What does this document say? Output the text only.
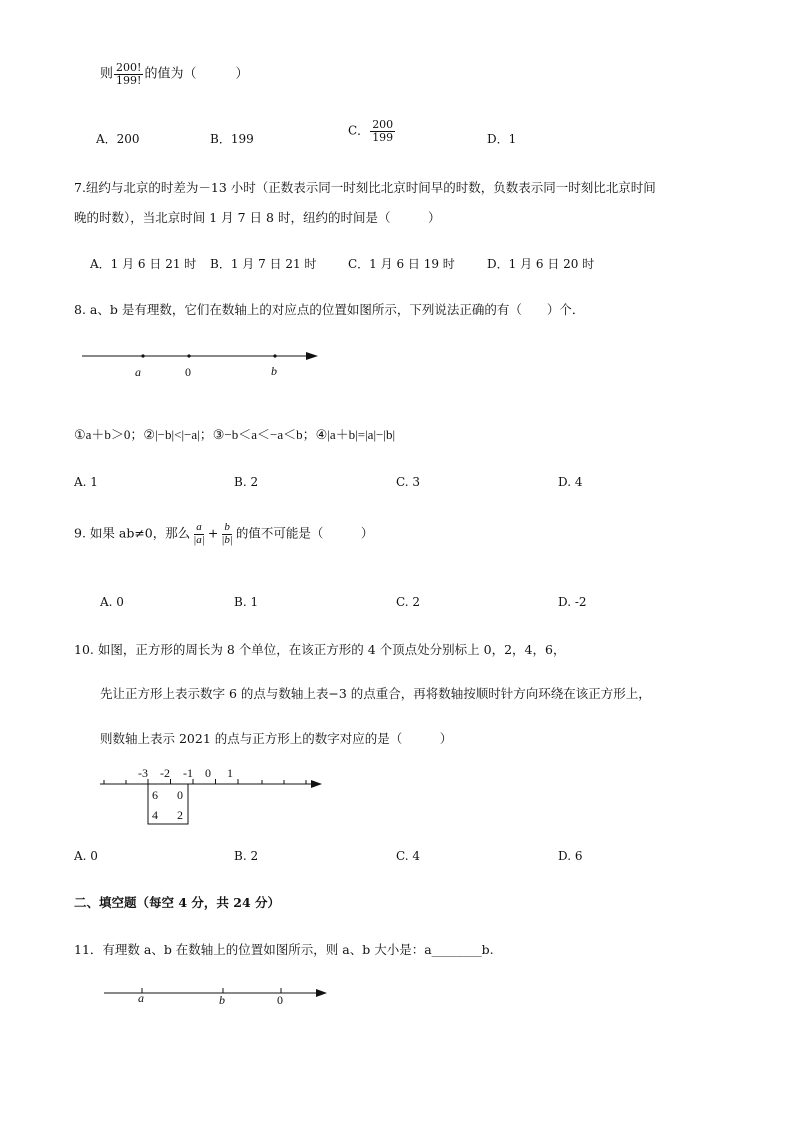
则 $\frac{200!}{199!}$ 的值为（　　　）
A．200	B．199
C． $\frac{200}{199}$	D．1
7.纽约与北京的时差为－13 小时（正数表示同一时刻比北京时间早的时数，负数表示同一时刻比北京时间
晚的时数），当北京时间 1 月 7 日 8 时，纽约的时间是（　　　）
A．1 月 6 日 21 时 B．1 月 7 日 21 时	C．1 月 6 日 19 时	D．1 月 6 日 20 时
8. a、b 是有理数，它们在数轴上的对应点的位置如图所示，下列说法正确的有（　　）个．
a	0	b
①a＋b＞0；②|−b|<|−a|；③−b＜a＜−a＜b；④|a＋b|=|a|−|b|
A. 1	B. 2	C. 3	D. 4
9. 如果 ab≠0，那么 $\frac{a}{|a|} + \frac{b}{|b|}$ 的值不可能是（　　　）
A. 0	B. 1	C. 2	D. -2
10. 如图，正方形的周长为 8 个单位，在该正方形的 4 个顶点处分别标上 0，2，4，6，
先让正方形上表示数字 6 的点与数轴上表−3 的点重合，再将数轴按顺时针方向环绕在该正方形上，
则数轴上表示 2021 的点与正方形上的数字对应的是（　　　）
-3 -2 -1 0 1
6 0
4 2
A. 0	B. 2	C. 4	D. 6
二、填空题（每空 4 分，共 24 分）
11．有理数 a、b 在数轴上的位置如图所示，则 a、b 大小是：a________b.
a	b	0
